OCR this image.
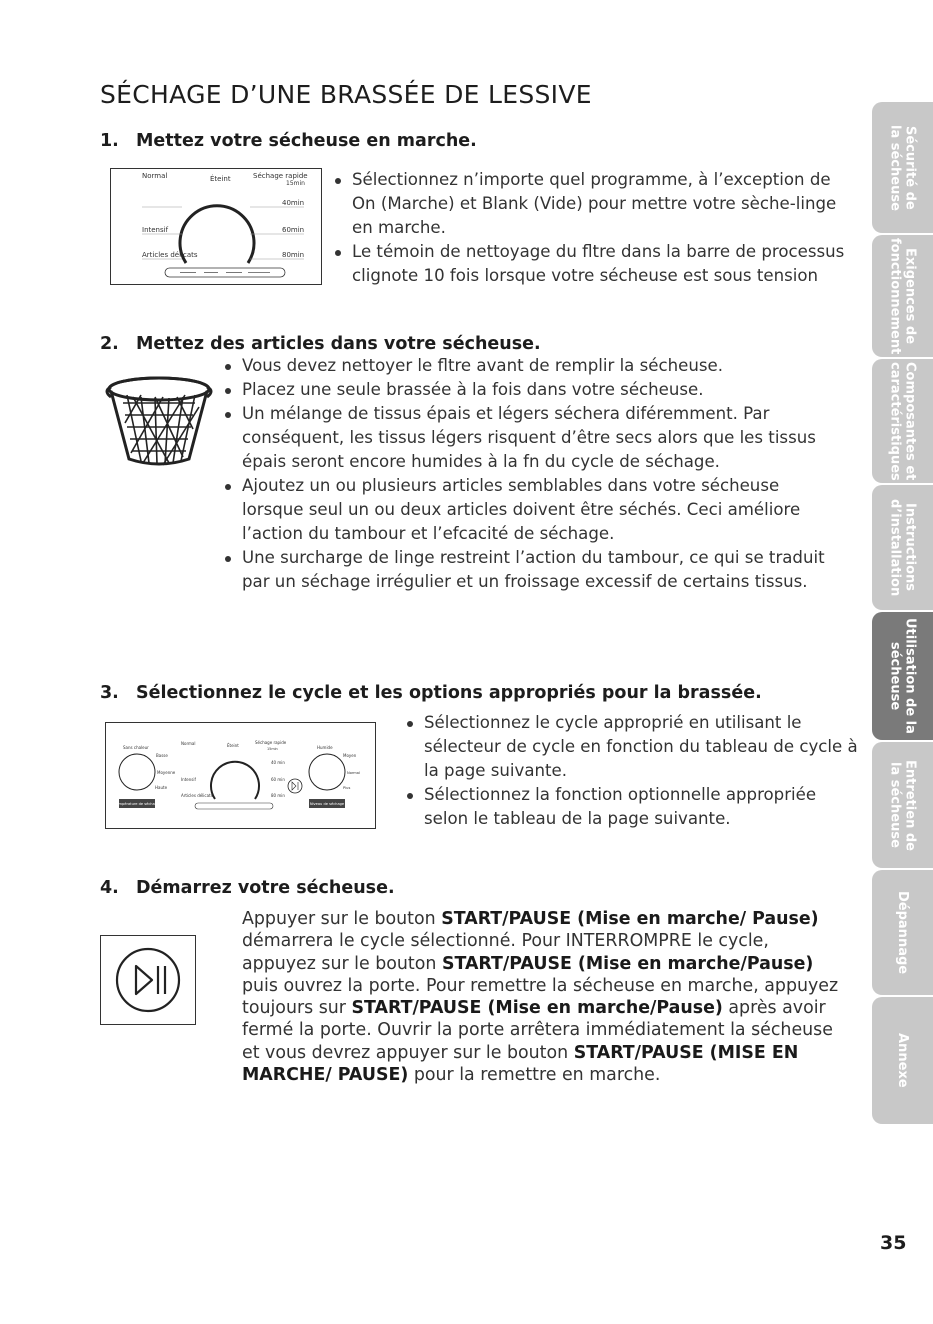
SÉCHAGE D’UNE BRASSÉE DE LESSIVE
1. Mettez votre sécheuse en marche.
Normal	Éteint	Séchage rapide
15min
40min
60min
80min
Intensif
Articles délicats
Sélectionnez n’importe quel programme, à l’exception de On (Marche) et Blank (Vide) pour mettre votre sèche-linge en marche.
Le témoin de nettoyage du fltre dans la barre de processus clignote 10 fois lorsque votre sécheuse est sous tension
2. Mettez des articles dans votre sécheuse.
Vous devez nettoyer le fltre avant de remplir la sécheuse.
Placez une seule brassée à la fois dans votre sécheuse.
Un mélange de tissus épais et légers séchera diféremment. Par conséquent, les tissus légers risquent d’être secs alors que les tissus épais seront encore humides à la fn du cycle de séchage.
Ajoutez un ou plusieurs articles semblables dans votre sécheuse lorsque seul un ou deux articles doivent être séchés. Ceci améliore l’action du tambour et l’efcacité de séchage.
Une surcharge de linge restreint l’action du tambour, ce qui se traduit par un séchage irrégulier et un froissage excessif de certains tissus.
3. Sélectionnez le cycle et les options appropriés pour la brassée.
Sans chaleur
Basse
Moyenne
Haute
Température de séchage
Normal	Éteint
Séchage rapide
15min
40 min
60 min
80 min
Intensif
Articles délicats
Humide
Moyen
Normal
Plus
Niveau de séchage
Sélectionnez le cycle approprié en utilisant le sélecteur de cycle en fonction du tableau de cycle à la page suivante.
Sélectionnez la fonction optionnelle appropriée selon le tableau de la page suivante.
4. Démarrez votre sécheuse.

Appuyer sur le bouton START/PAUSE (Mise en marche/ Pause) démarrera le cycle sélectionné. Pour INTERROMPRE le cycle, appuyez sur le bouton START/PAUSE (Mise en marche/Pause) puis ouvrez la porte. Pour remettre la sécheuse en marche, appuyez toujours sur START/PAUSE (Mise en marche/Pause) après avoir fermé la porte. Ouvrir la porte arrêtera immédiatement la sécheuse et vous devrez appuyer sur le bouton START/PAUSE (MISE EN MARCHE/ PAUSE) pour la remettre en marche.

Sécurité de
la sécheuse
Exigences de
fonctionnement
Composantes et
caractéristiques
Instructions
d’installation
Utilisation de la
sécheuse
Entretien de
la sécheuse
Dépannage
Annexe
35
